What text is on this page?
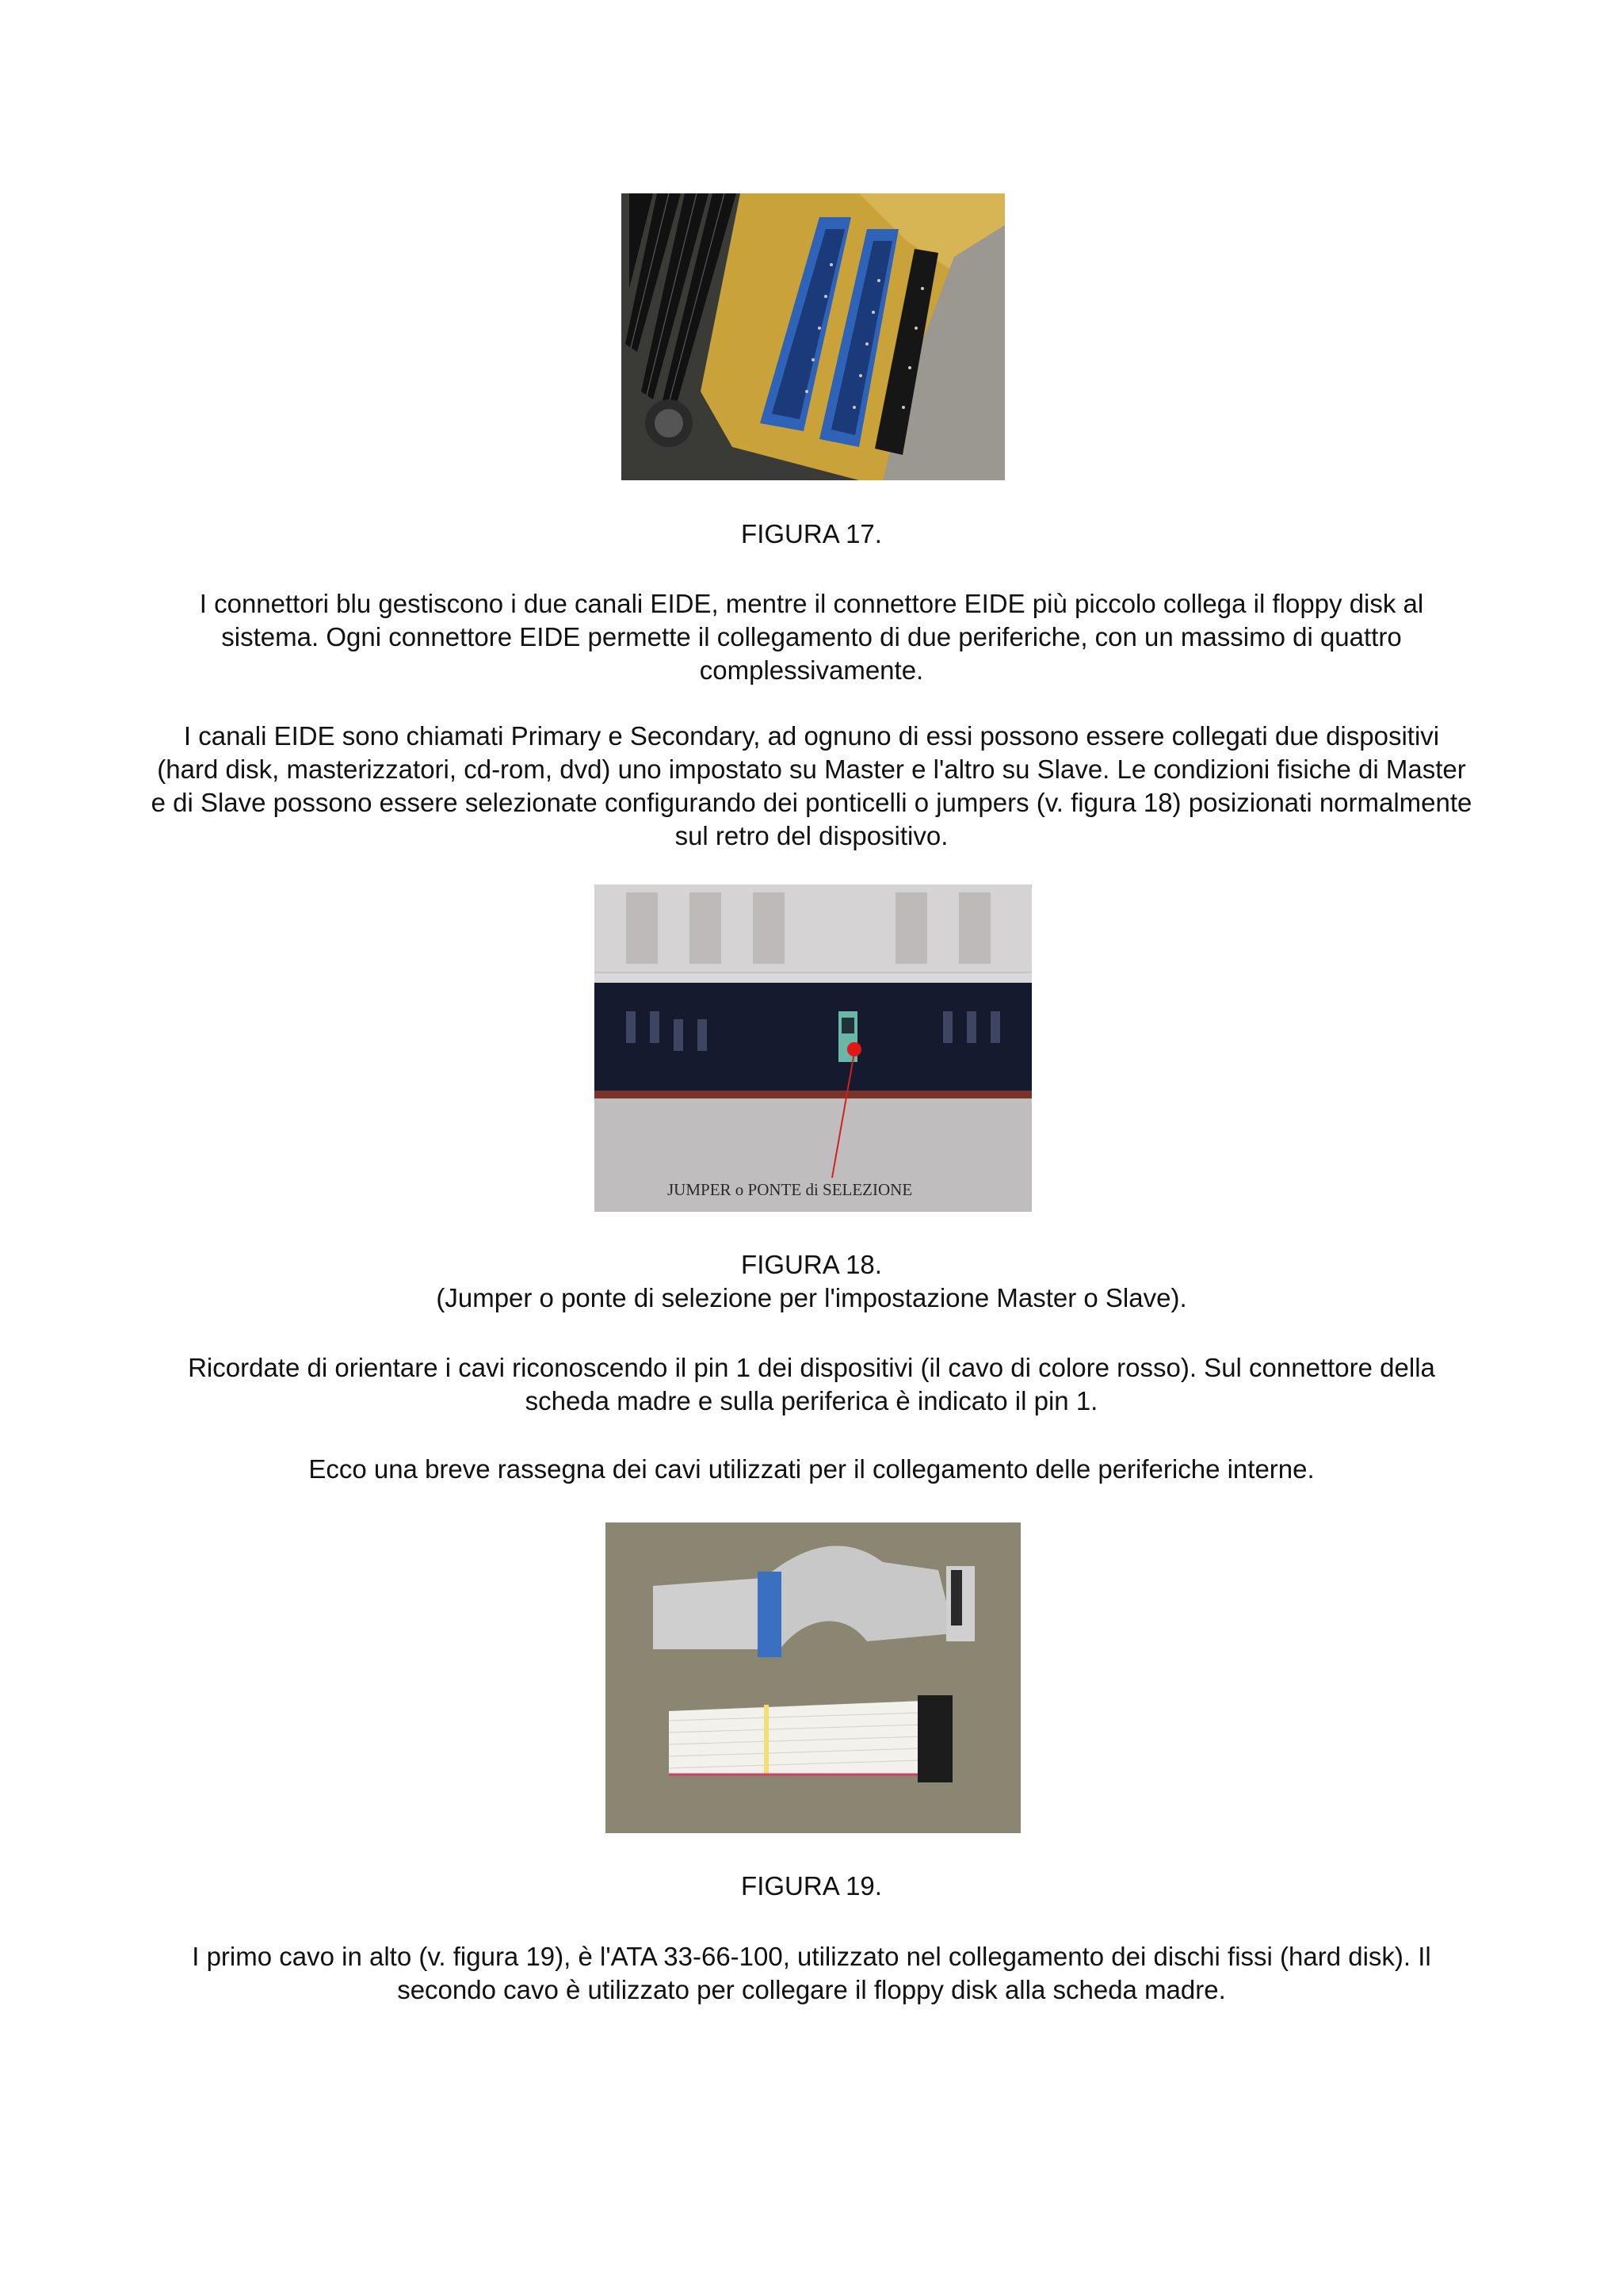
FIGURA 17.
I connettori blu gestiscono i due canali EIDE, mentre il connettore EIDE più piccolo collega il floppy disk al sistema. Ogni connettore EIDE permette il collegamento di due periferiche, con un massimo di quattro complessivamente.
I canali EIDE sono chiamati Primary e Secondary, ad ognuno di essi possono essere collegati due dispositivi (hard disk, masterizzatori, cd-rom, dvd) uno impostato su Master e l'altro su Slave. Le condizioni fisiche di Master e di Slave possono essere selezionate configurando dei ponticelli o jumpers (v. figura 18) posizionati normalmente sul retro del dispositivo.
JUMPER o PONTE di SELEZIONE
FIGURA 18.
(Jumper o ponte di selezione per l'impostazione Master o Slave).
Ricordate di orientare i cavi riconoscendo il pin 1 dei dispositivi (il cavo di colore rosso). Sul connettore della scheda madre e sulla periferica è indicato il pin 1.
Ecco una breve rassegna dei cavi utilizzati per il collegamento delle periferiche interne.
FIGURA 19.
I primo cavo in alto (v. figura 19), è l'ATA 33-66-100, utilizzato nel collegamento dei dischi fissi (hard disk). Il secondo cavo è utilizzato per collegare il floppy disk alla scheda madre.
